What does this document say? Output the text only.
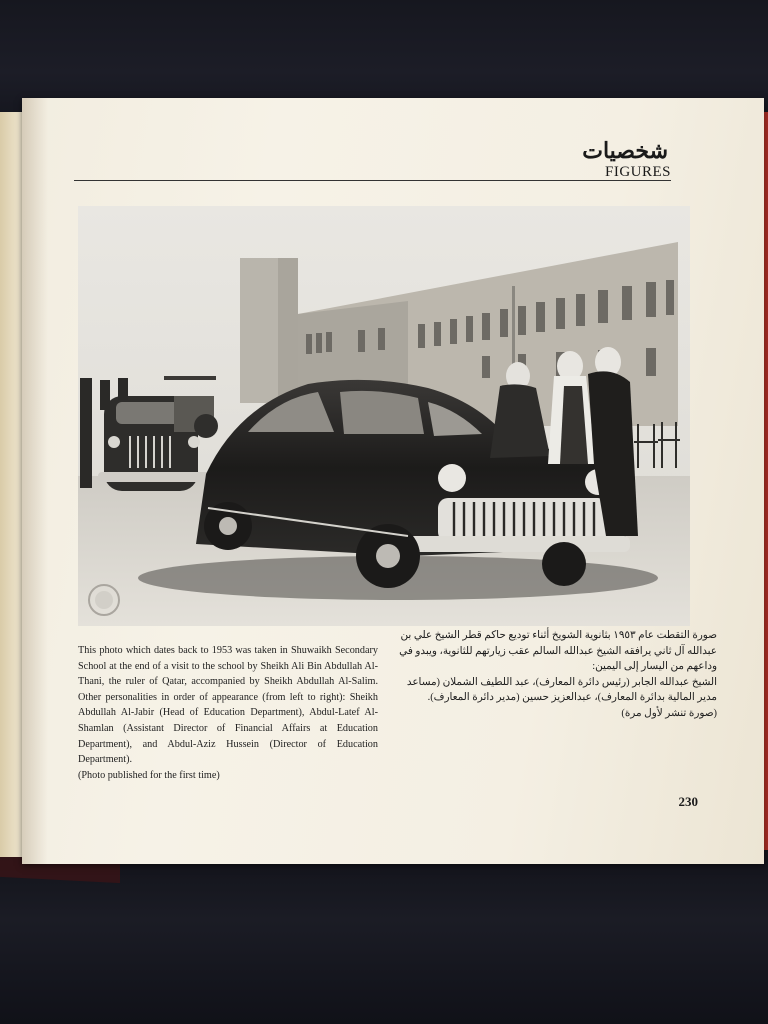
شخصيات
FIGURES

This photo which dates back to 1953 was taken in Shuwaikh Secondary School at the end of a visit to the school by Sheikh Ali Bin Abdullah Al-Thani, the ruler of Qatar, accompanied by Sheikh Abdullah Al-Salim. Other personalities in order of appearance (from left to right): Sheikh Abdullah Al-Jabir (Head of Education Department), Abdul-Latef Al-Shamlan (Assistant Director of Financial Affairs at Education Department), and Abdul-Aziz Hussein (Director of Education Department).

(Photo published for the first time)

صورة التقطت عام ١٩٥٣ بثانوية الشويخ أثناء توديع حاكم قطر الشيخ علي بن عبدالله آل ثاني يرافقه الشيخ عبدالله السالم عقب زيارتهم للثانوية، ويبدو في وداعهم من اليسار إلى اليمين:

الشيخ عبدالله الجابر (رئيس دائرة المعارف)، عبد اللطيف الشملان (مساعد مدير المالية بدائرة المعارف)، عبدالعزيز حسين (مدير دائرة المعارف).

(صورة تنشر لأول مرة)

230
